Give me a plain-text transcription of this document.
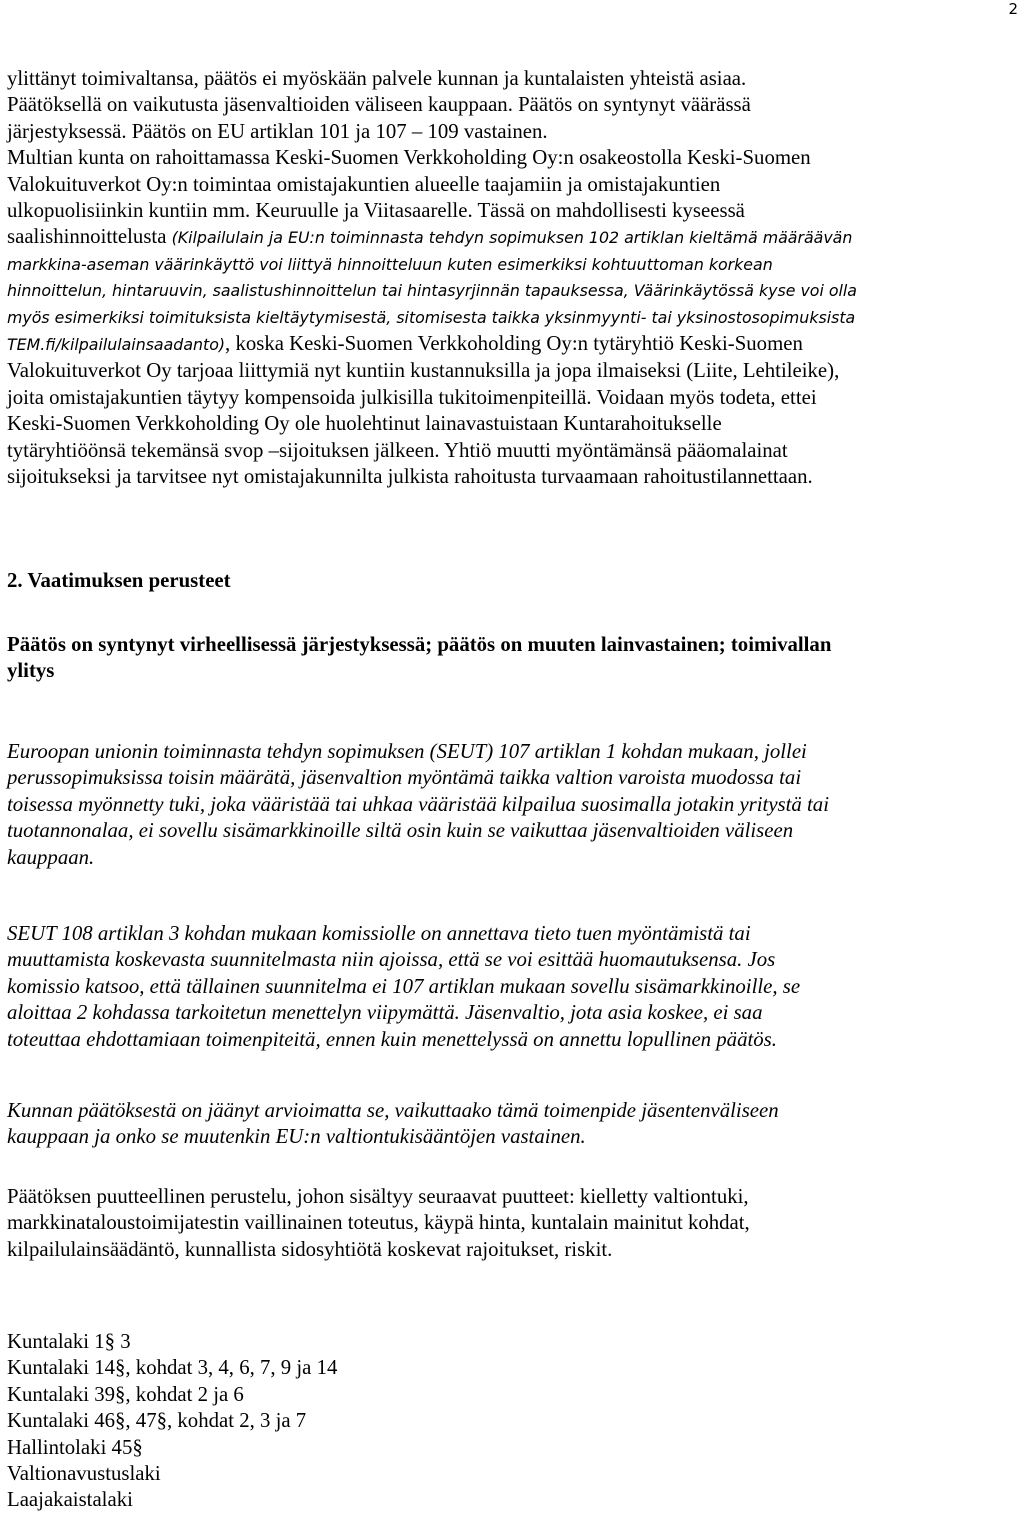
2
ylittänyt toimivaltansa, päätös ei myöskään palvele kunnan ja kuntalaisten yhteistä asiaa.
Päätöksellä on vaikutusta jäsenvaltioiden väliseen kauppaan. Päätös on syntynyt väärässä
järjestyksessä. Päätös on EU artiklan 101 ja 107 – 109 vastainen.
Multian kunta on rahoittamassa Keski-Suomen Verkkoholding Oy:n osakeostolla Keski-Suomen
Valokuituverkot Oy:n toimintaa omistajakuntien alueelle taajamiin ja omistajakuntien
ulkopuolisiinkin kuntiin mm. Keuruulle ja Viitasaarelle. Tässä on mahdollisesti kyseessä
saalishinnoittelusta (Kilpailulain ja EU:n toiminnasta tehdyn sopimuksen 102 artiklan kieltämä määräävän
markkina-aseman väärinkäyttö voi liittyä hinnoitteluun kuten esimerkiksi kohtuuttoman korkean
hinnoittelun, hintaruuvin, saalistushinnoittelun tai hintasyrjinnän tapauksessa, Väärinkäytössä kyse voi olla
myös esimerkiksi toimituksista kieltäytymisestä, sitomisesta taikka yksinmyynti- tai yksinostosopimuksista
TEM.fi/kilpailulainsaadanto), koska Keski-Suomen Verkkoholding Oy:n tytäryhtiö Keski-Suomen
Valokuituverkot Oy tarjoaa liittymiä nyt kuntiin kustannuksilla ja jopa ilmaiseksi (Liite, Lehtileike),
joita omistajakuntien täytyy kompensoida julkisilla tukitoimenpiteillä. Voidaan myös todeta, ettei
Keski-Suomen Verkkoholding Oy ole huolehtinut lainavastuistaan Kuntarahoitukselle
tytäryhtiöönsä tekemänsä svop –sijoituksen jälkeen. Yhtiö muutti myöntämänsä pääomalainat
sijoitukseksi ja tarvitsee nyt omistajakunnilta julkista rahoitusta turvaamaan rahoitustilannettaan.
2. Vaatimuksen perusteet
Päätös on syntynyt virheellisessä järjestyksessä; päätös on muuten lainvastainen; toimivallan
ylitys
Euroopan unionin toiminnasta tehdyn sopimuksen (SEUT) 107 artiklan 1 kohdan mukaan, jollei
perussopimuksissa toisin määrätä, jäsenvaltion myöntämä taikka valtion varoista muodossa tai
toisessa myönnetty tuki, joka vääristää tai uhkaa vääristää kilpailua suosimalla jotakin yritystä tai
tuotannonalaa, ei sovellu sisämarkkinoille siltä osin kuin se vaikuttaa jäsenvaltioiden väliseen
kauppaan.
SEUT 108 artiklan 3 kohdan mukaan komissiolle on annettava tieto tuen myöntämistä tai
muuttamista koskevasta suunnitelmasta niin ajoissa, että se voi esittää huomautuksensa. Jos
komissio katsoo, että tällainen suunnitelma ei 107 artiklan mukaan sovellu sisämarkkinoille, se
aloittaa 2 kohdassa tarkoitetun menettelyn viipymättä. Jäsenvaltio, jota asia koskee, ei saa
toteuttaa ehdottamiaan toimenpiteitä, ennen kuin menettelyssä on annettu lopullinen päätös.
Kunnan päätöksestä on jäänyt arvioimatta se, vaikuttaako tämä toimenpide jäsentenväliseen
kauppaan ja onko se muutenkin EU:n valtiontukisääntöjen vastainen.
Päätöksen puutteellinen perustelu, johon sisältyy seuraavat puutteet: kielletty valtiontuki,
markkinataloustoimijatestin vaillinainen toteutus, käypä hinta, kuntalain mainitut kohdat,
kilpailulainsäädäntö, kunnallista sidosyhtiötä koskevat rajoitukset, riskit.
Kuntalaki 1§ 3
Kuntalaki 14§, kohdat 3, 4, 6, 7, 9 ja 14
Kuntalaki 39§, kohdat 2 ja 6
Kuntalaki 46§, 47§, kohdat 2, 3 ja 7
Hallintolaki 45§
Valtionavustuslaki
Laajakaistalaki
